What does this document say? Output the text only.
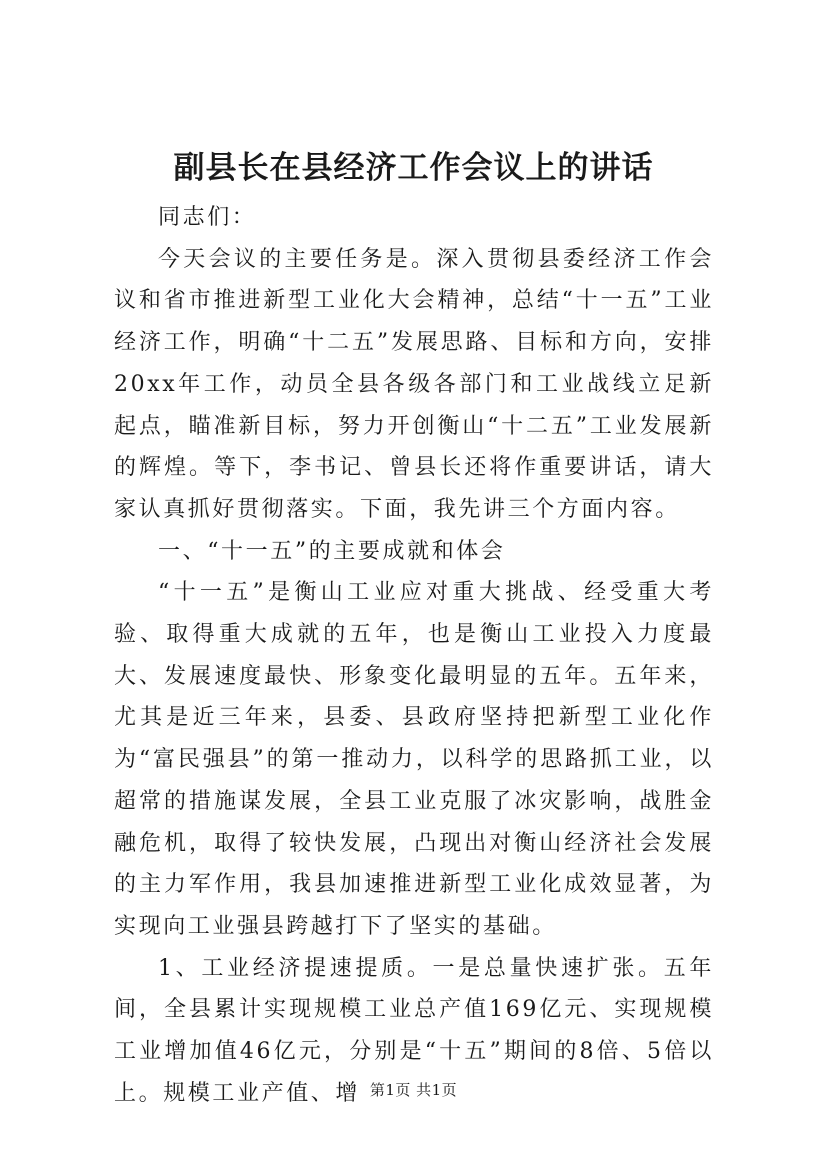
副县长在县经济工作会议上的讲话

同志们：

今天会议的主要任务是。深入贯彻县委经济工作会议和省市推进新型工业化大会精神，总结“十一五”工业经济工作，明确“十二五”发展思路、目标和方向，安排20xx年工作，动员全县各级各部门和工业战线立足新起点，瞄准新目标，努力开创衡山“十二五”工业发展新的辉煌。等下，李书记、曾县长还将作重要讲话，请大家认真抓好贯彻落实。下面，我先讲三个方面内容。

一、“十一五”的主要成就和体会

“十一五”是衡山工业应对重大挑战、经受重大考验、取得重大成就的五年，也是衡山工业投入力度最大、发展速度最快、形象变化最明显的五年。五年来，尤其是近三年来，县委、县政府坚持把新型工业化作为“富民强县”的第一推动力，以科学的思路抓工业，以超常的措施谋发展，全县工业克服了冰灾影响，战胜金融危机，取得了较快发展，凸现出对衡山经济社会发展的主力军作用，我县加速推进新型工业化成效显著，为实现向工业强县跨越打下了坚实的基础。

1、工业经济提速提质。一是总量快速扩张。五年间，全县累计实现规模工业总产值169亿元、实现规模工业增加值46亿元，分别是“十五”期间的8倍、5倍以上。规模工业产值、增 第1页 共1页
